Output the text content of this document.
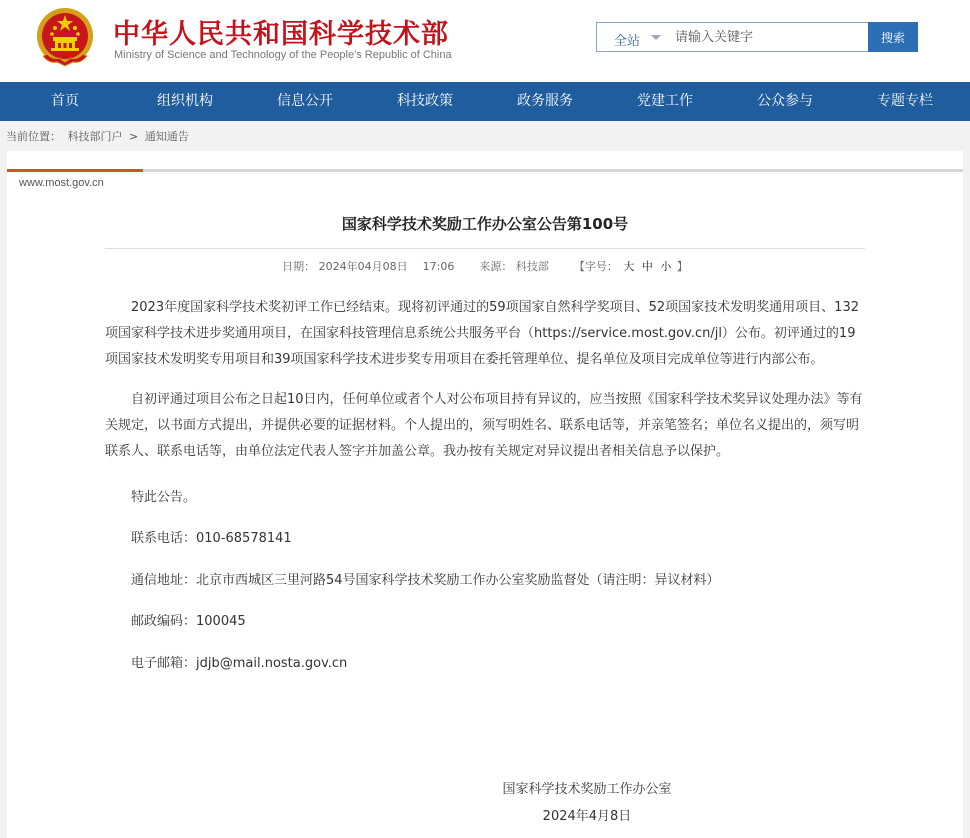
中华人民共和国科学技术部
Ministry of Science and Technology of the People's Republic of China
全站
请输入关键字	搜索
首页	组织机构	信息公开	科技政策	政务服务	党建工作	公众参与	专题专栏
当前位置： 科技部门户 > 通知通告
www.most.gov.cn
国家科学技术奖励工作办公室公告第100号
日期： 2024年04月08日 17:06 来源： 科技部 【字号： 大 中 小 】

2023年度国家科学技术奖初评工作已经结束。现将初评通过的59项国家自然科学奖项目、52项国家技术发明奖通用项目、132项国家科学技术进步奖通用项目，在国家科技管理信息系统公共服务平台（https://service.most.gov.cn/jl）公布。初评通过的19项国家技术发明奖专用项目和39项国家科学技术进步奖专用项目在委托管理单位、提名单位及项目完成单位等进行内部公布。

自初评通过项目公布之日起10日内，任何单位或者个人对公布项目持有异议的，应当按照《国家科学技术奖异议处理办法》等有关规定，以书面方式提出，并提供必要的证据材料。个人提出的，须写明姓名、联系电话等，并亲笔签名；单位名义提出的，须写明联系人、联系电话等，由单位法定代表人签字并加盖公章。我办按有关规定对异议提出者相关信息予以保护。

特此公告。
联系电话：010-68578141
通信地址：北京市西城区三里河路54号国家科学技术奖励工作办公室奖励监督处（请注明：异议材料）
邮政编码：100045
电子邮箱：jdjb@mail.nosta.gov.cn
国家科学技术奖励工作办公室
2024年4月8日
